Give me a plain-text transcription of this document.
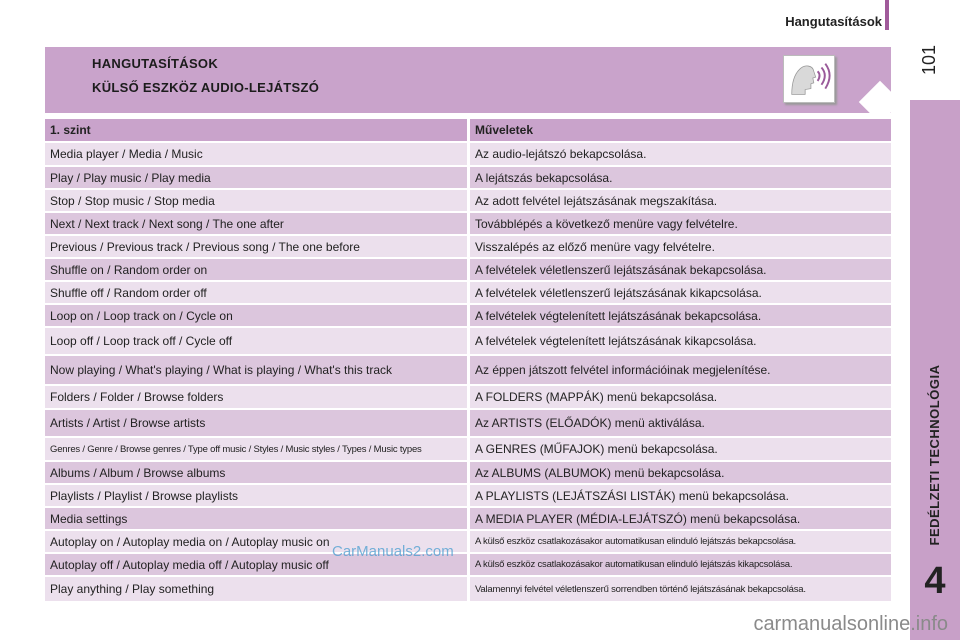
Hangutasítások
101
FEDÉLZETI TECHNOLÓGIA
4
HANGUTASÍTÁSOK
KÜLSŐ ESZKÖZ AUDIO-LEJÁTSZÓ
1. szint	Műveletek
Media player / Media / Music	Az audio-lejátszó bekapcsolása.
Play / Play music / Play media	A lejátszás bekapcsolása.
Stop / Stop music / Stop media	Az adott felvétel lejátszásának megszakítása.
Next / Next track / Next song / The one after	Továbblépés a következő menüre vagy felvételre.
Previous / Previous track / Previous song / The one before	Visszalépés az előző menüre vagy felvételre.
Shuffle on / Random order on	A felvételek véletlenszerű lejátszásának bekapcsolása.
Shuffle off / Random order off	A felvételek véletlenszerű lejátszásának kikapcsolása.
Loop on / Loop track on / Cycle on	A felvételek végtelenített lejátszásának bekapcsolása.
Loop off / Loop track off / Cycle off	A felvételek végtelenített lejátszásának kikapcsolása.
Now playing / What's playing / What is playing / What's this track	Az éppen játszott felvétel információinak megjelenítése.
Folders / Folder / Browse folders	A FOLDERS (MAPPÁK) menü bekapcsolása.
Artists / Artist / Browse artists	Az ARTISTS (ELŐADÓK) menü aktiválása.
Genres / Genre / Browse genres / Type off music / Styles / Music styles / Types / Music types	A GENRES (MŰFAJOK) menü bekapcsolása.
Albums / Album / Browse albums	Az ALBUMS (ALBUMOK) menü bekapcsolása.
Playlists / Playlist / Browse playlists	A PLAYLISTS (LEJÁTSZÁSI LISTÁK) menü bekapcsolása.
Media settings	A MEDIA PLAYER (MÉDIA-LEJÁTSZÓ) menü bekapcsolása.
Autoplay on / Autoplay media on / Autoplay music on	A külső eszköz csatlakozásakor automatikusan elinduló lejátszás bekapcsolása.
Autoplay off / Autoplay media off / Autoplay music off	A külső eszköz csatlakozásakor automatikusan elinduló lejátszás kikapcsolása.
Play anything / Play something	Valamennyi felvétel véletlenszerű sorrendben történő lejátszásának bekapcsolása.
CarManuals2.com
carmanualsonline.info
